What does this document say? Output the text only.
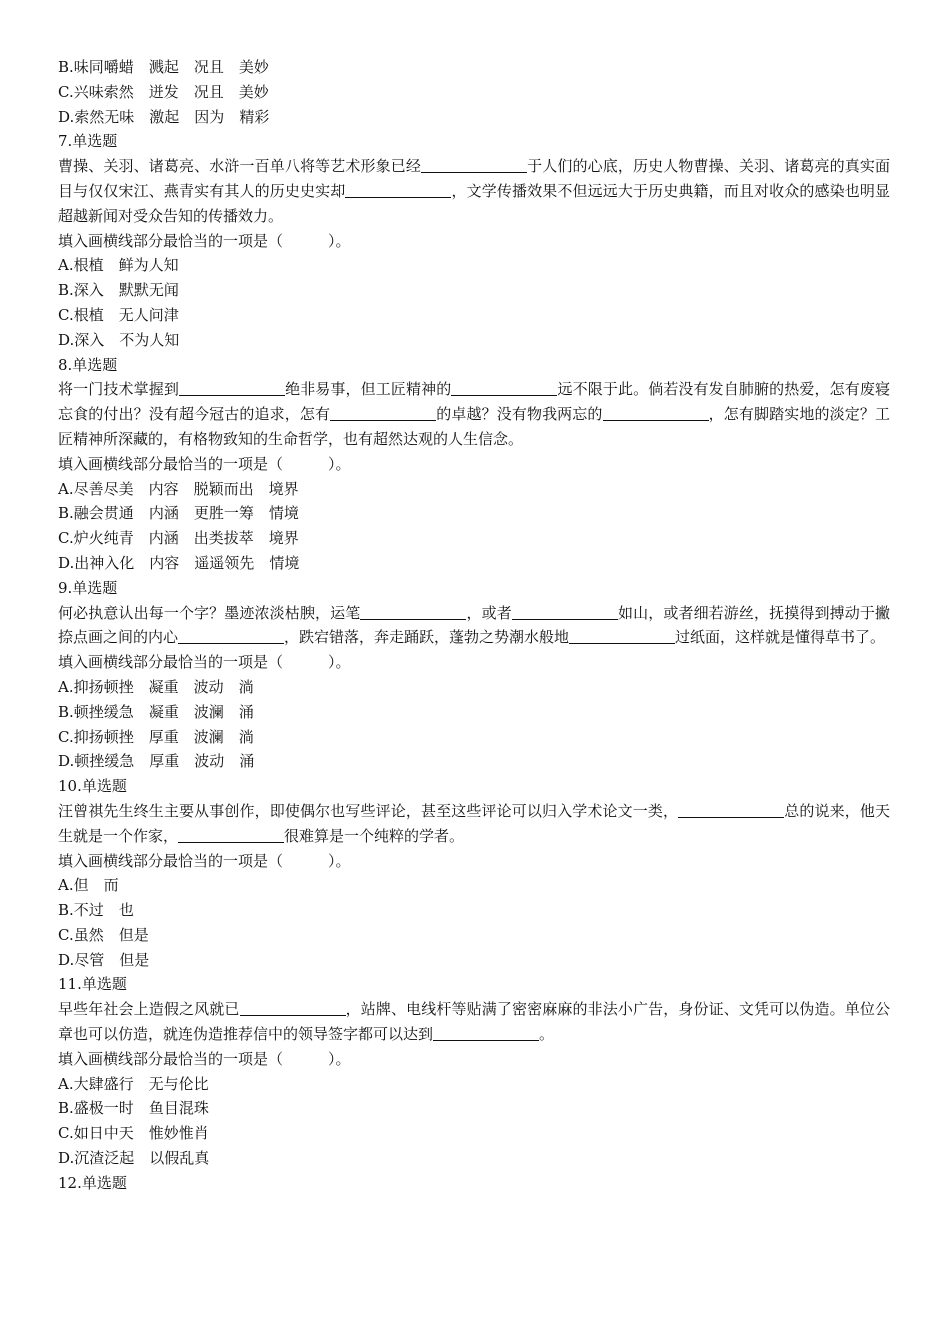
B.味同嚼蜡 溅起 况且 美妙
C.兴味索然 迸发 况且 美妙
D.索然无味 激起 因为 精彩
7.单选题
曹操、关羽、诸葛亮、水浒一百单八将等艺术形象已经	于人们的心底，历史人物曹操、关羽、诸葛亮的真实面目与仅仅宋江、燕青实有其人的历史史实却	，文学传播效果不但远远大于历史典籍，而且对收众的感染也明显超越新闻对受众告知的传播效力。
填入画横线部分最恰当的一项是（　　　）。
A.根植 鲜为人知
B.深入 默默无闻
C.根植 无人问津
D.深入 不为人知
8.单选题
将一门技术掌握到	绝非易事，但工匠精神的	远不限于此。倘若没有发自肺腑的热爱，怎有废寝忘食的付出？没有超今冠古的追求，怎有	的卓越？没有物我两忘的	，怎有脚踏实地的淡定？工匠精神所深藏的，有格物致知的生命哲学，也有超然达观的人生信念。
填入画横线部分最恰当的一项是（　　　）。
A.尽善尽美 内容 脱颖而出 境界
B.融会贯通 内涵 更胜一筹 情境
C.炉火纯青 内涵 出类拔萃 境界
D.出神入化 内容 遥遥领先 情境
9.单选题
何必执意认出每一个字？墨迹浓淡枯腴，运笔	，或者	如山，或者细若游丝，抚摸得到搏动于撇捺点画之间的内心	，跌宕错落，奔走踊跃，蓬勃之势潮水般地	过纸面，这样就是懂得草书了。
填入画横线部分最恰当的一项是（　　　）。
A.抑扬顿挫 凝重 波动 淌
B.顿挫缓急 凝重 波澜 涌
C.抑扬顿挫 厚重 波澜 淌
D.顿挫缓急 厚重 波动 涌
10.单选题
汪曾祺先生终生主要从事创作，即使偶尔也写些评论，甚至这些评论可以归入学术论文一类，	总的说来，他天生就是一个作家，	很难算是一个纯粹的学者。
填入画横线部分最恰当的一项是（　　　）。
A.但 而
B.不过 也
C.虽然 但是
D.尽管 但是
11.单选题
早些年社会上造假之风就已	，站牌、电线杆等贴满了密密麻麻的非法小广告，身份证、文凭可以伪造。单位公章也可以仿造，就连伪造推荐信中的领导签字都可以达到	。
填入画横线部分最恰当的一项是（　　　）。
A.大肆盛行 无与伦比
B.盛极一时 鱼目混珠
C.如日中天 惟妙惟肖
D.沉渣泛起 以假乱真
12.单选题
